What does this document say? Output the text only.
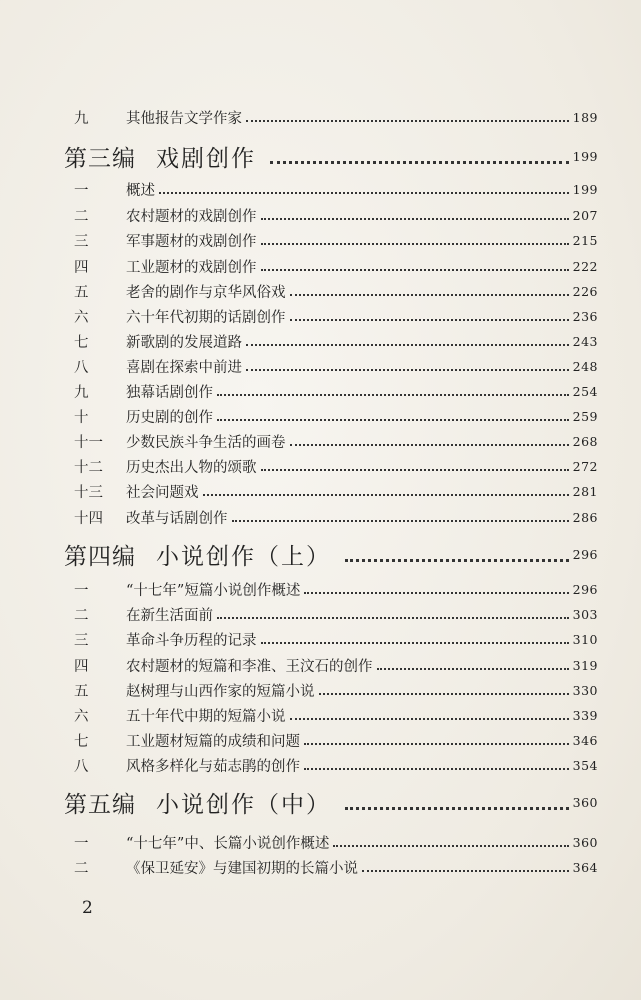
九	其他报告文学作家	189
第三编 戏剧创作	199
一	概述	199
二	农村题材的戏剧创作	207
三	军事题材的戏剧创作	215
四	工业题材的戏剧创作	222
五	老舍的剧作与京华风俗戏	226
六	六十年代初期的话剧创作	236
七	新歌剧的发展道路	243
八	喜剧在探索中前进	248
九	独幕话剧创作	254
十	历史剧的创作	259
十一	少数民族斗争生活的画卷	268
十二	历史杰出人物的颂歌	272
十三	社会问题戏	281
十四	改革与话剧创作	286
第四编 小说创作（上）	296
一	“十七年”短篇小说创作概述	296
二	在新生活面前	303
三	革命斗争历程的记录	310
四	农村题材的短篇和李准、王汶石的创作	319
五	赵树理与山西作家的短篇小说	330
六	五十年代中期的短篇小说	339
七	工业题材短篇的成绩和问题	346
八	风格多样化与茹志鹃的创作	354
第五编 小说创作（中）	360
一	“十七年”中、长篇小说创作概述	360
二	《保卫延安》与建国初期的长篇小说	364
2
